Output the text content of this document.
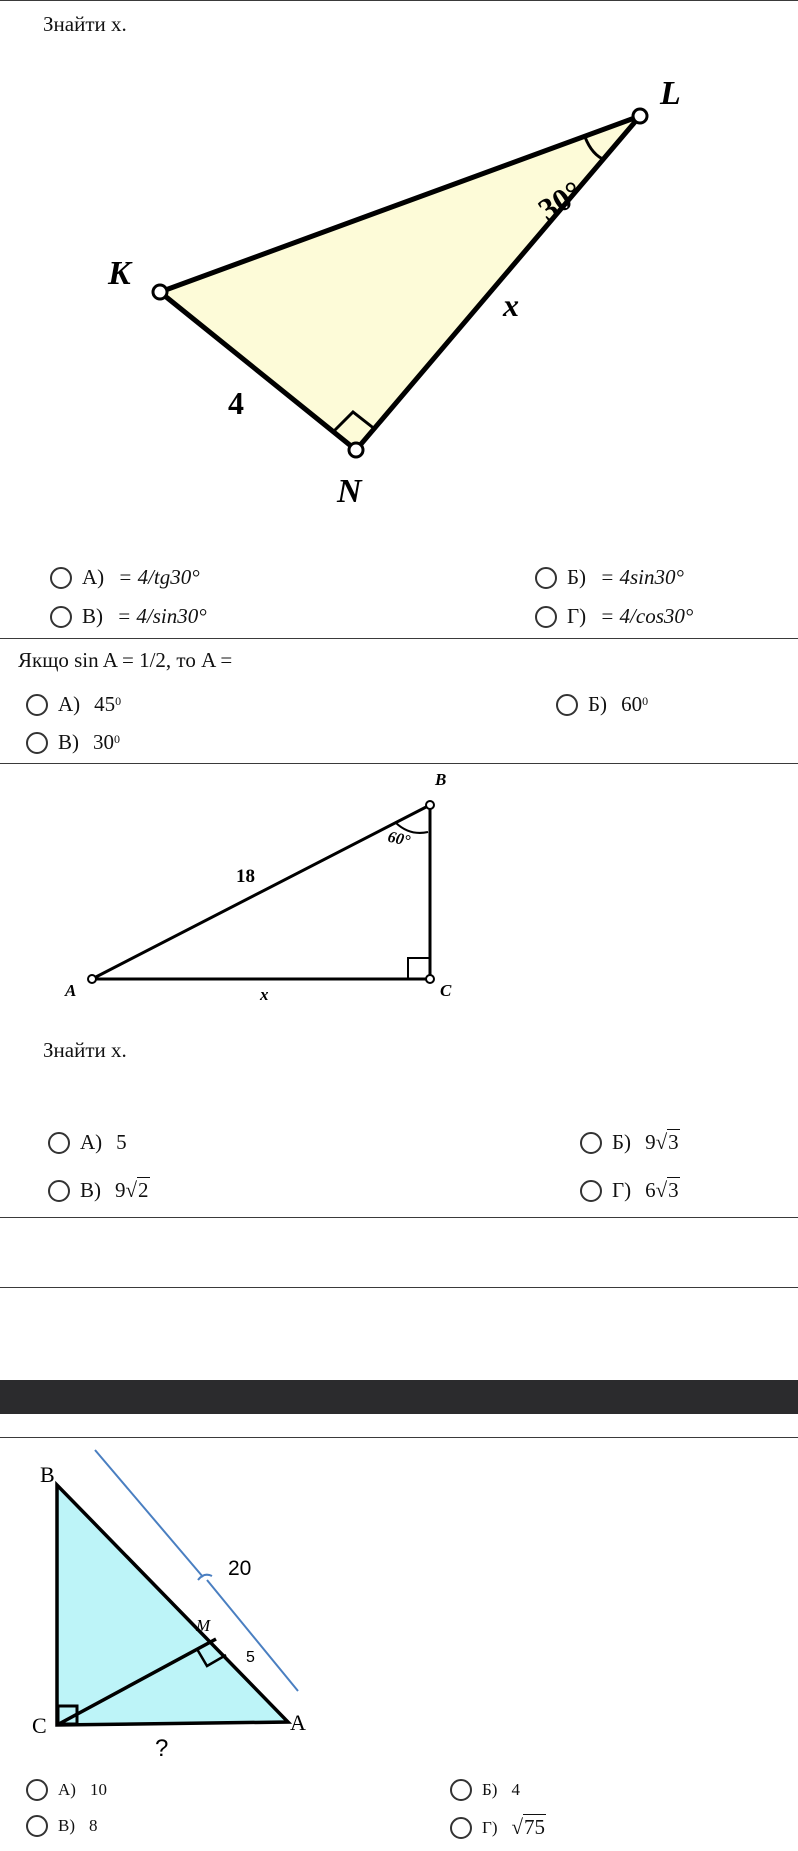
Знайти x.
L
K
N
30°
4
x
А) = 4/tg30°	Б) = 4sin30°
В) = 4/sin30°	Г) = 4/cos30°
Якщо sin A = 1/2, то A =
А) 45 0	Б) 60 0
В) 30 0
B
A	C
60°
18
x
Знайти x.
А) 5	Б) 9 √3
В) 9 √2	Г) 6 √3
B
C	A
M
20
5
?
А) 10	Б) 4
В) 8	Г) √75
